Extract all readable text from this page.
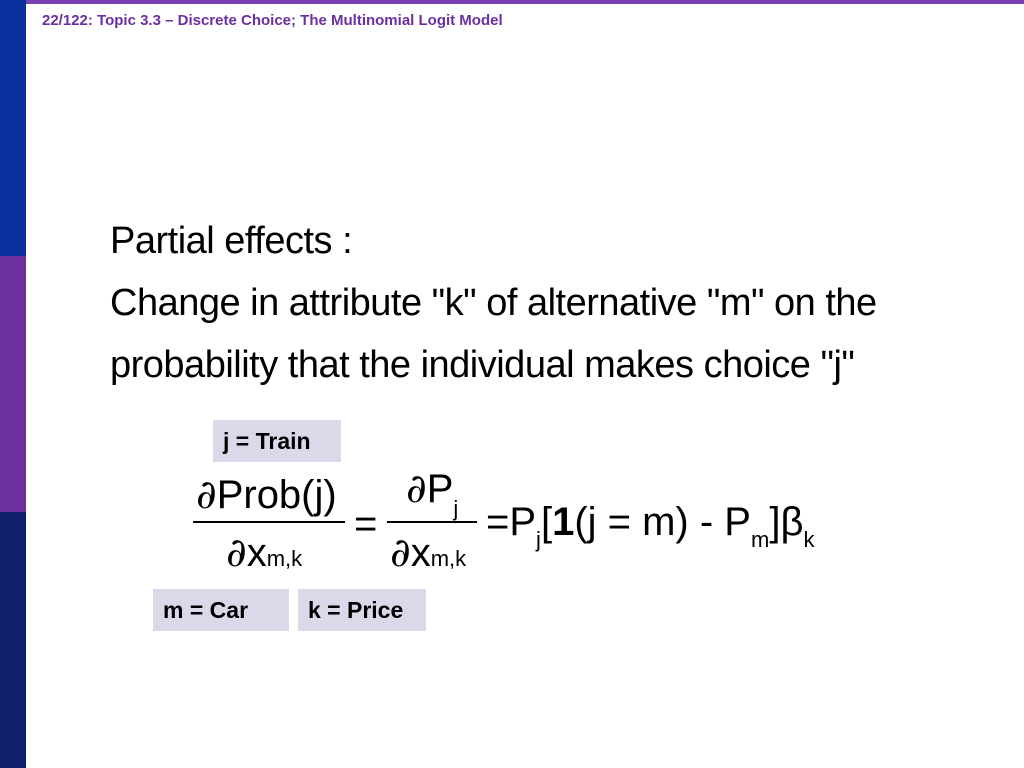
22/122: Topic 3.3 – Discrete Choice; The Multinomial Logit Model
Partial effects :
Change in attribute "k" of alternative "m" on the
probability that the individual makes choice "j"
j = Train
m = Car	k = Price
∂Prob(j)
∂xm,k
=
$\partial P_j$
∂xm,k
$=P_j[1(j = m) - P_m]\beta_k$
